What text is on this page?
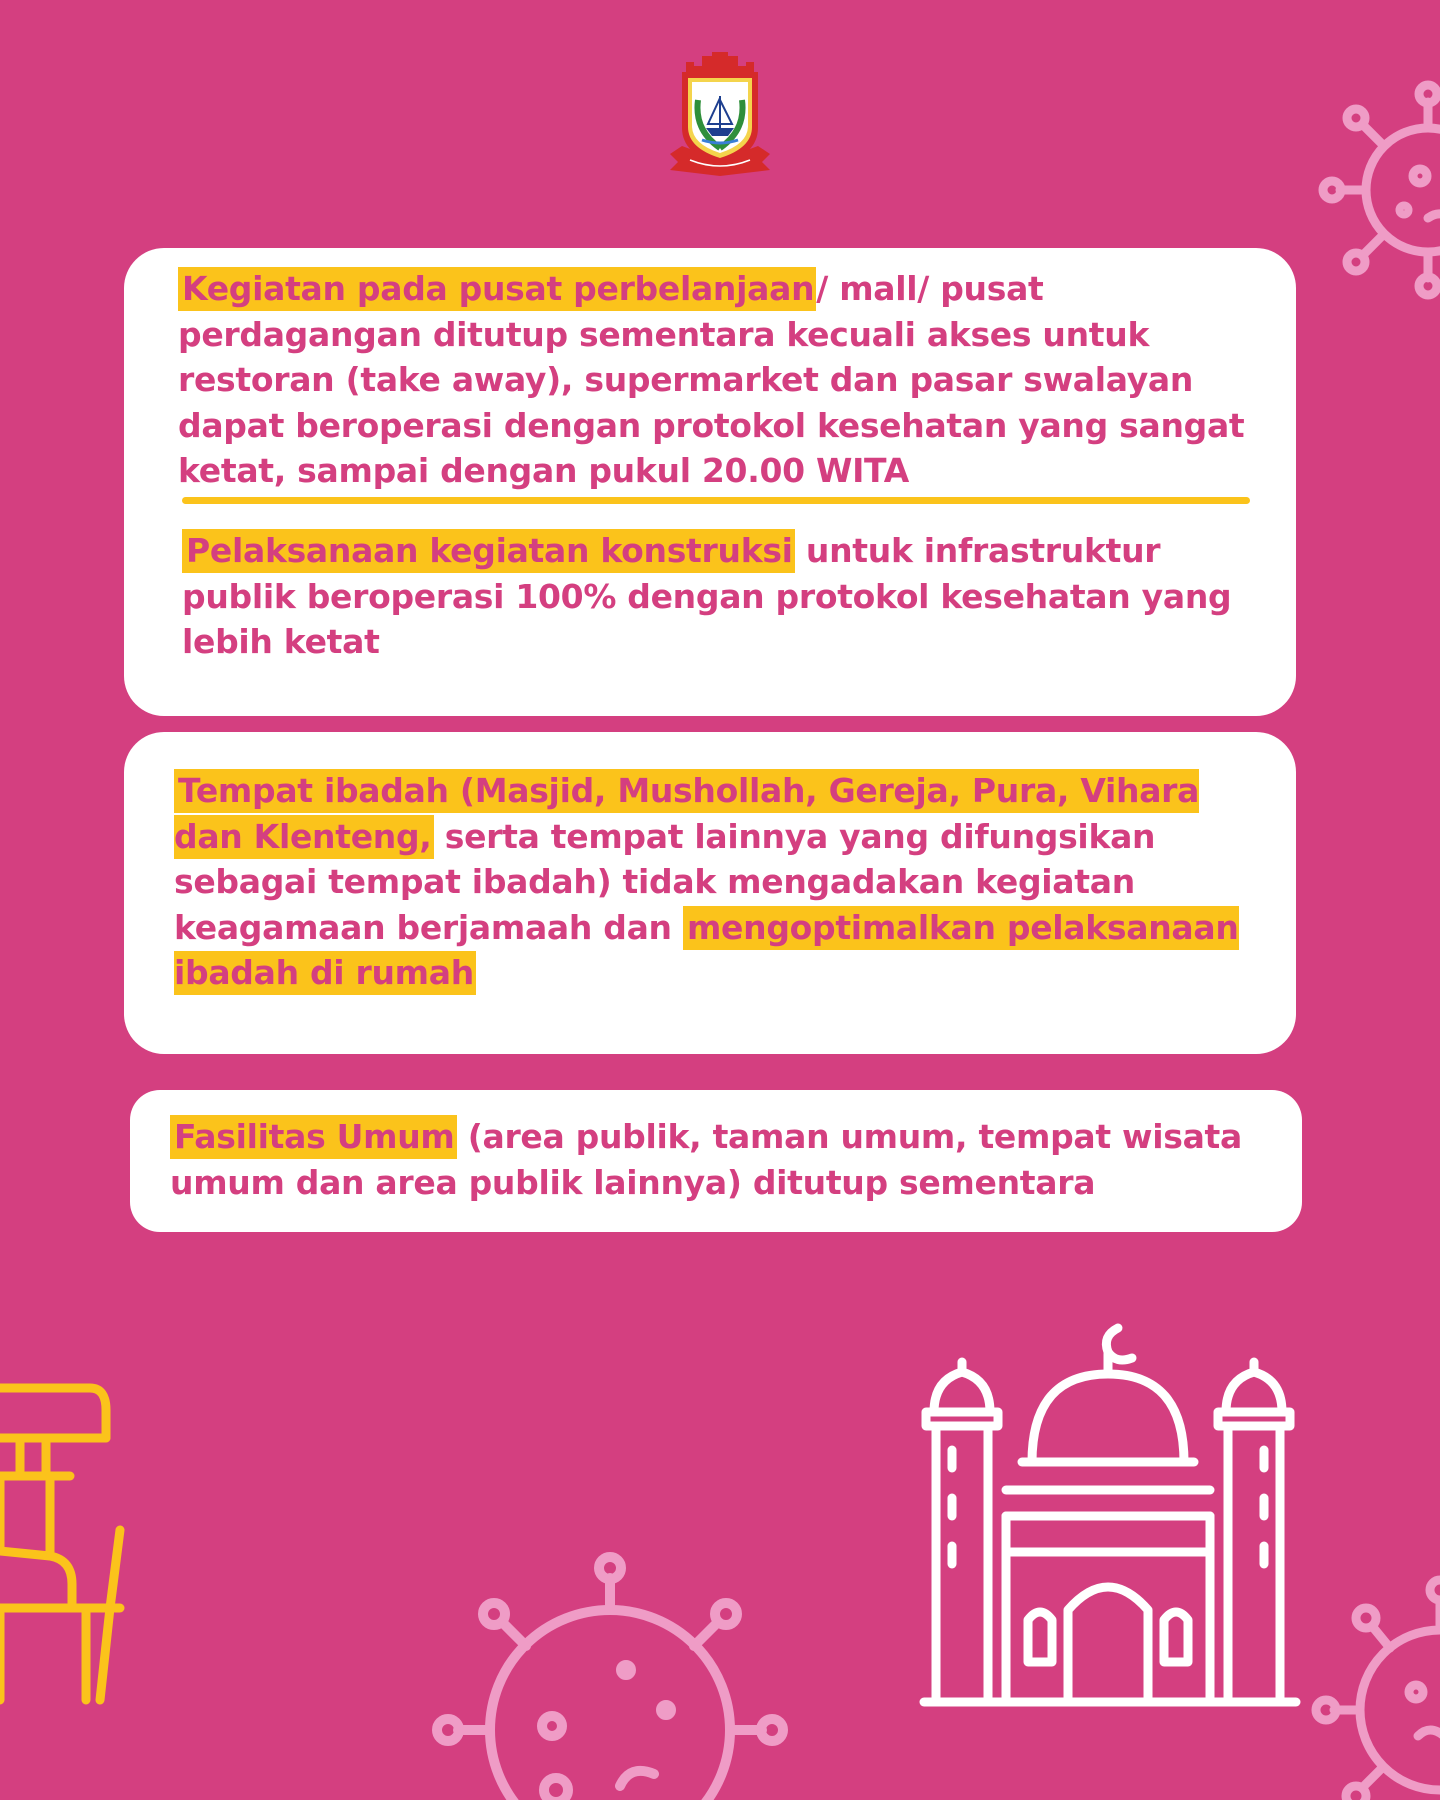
Kegiatan pada pusat perbelanjaan/ mall/ pusat perdagangan ditutup sementara kecuali akses untuk restoran (take away), supermarket dan pasar swalayan dapat beroperasi dengan protokol kesehatan yang sangat ketat, sampai dengan pukul 20.00 WITA

Pelaksanaan kegiatan konstruksi untuk infrastruktur publik beroperasi 100% dengan protokol kesehatan yang lebih ketat

Tempat ibadah (Masjid, Mushollah, Gereja, Pura, Vihara dan Klenteng, serta tempat lainnya yang difungsikan sebagai tempat ibadah) tidak mengadakan kegiatan keagamaan berjamaah dan mengoptimalkan pelaksanaan ibadah di rumah

Fasilitas Umum (area publik, taman umum, tempat wisata umum dan area publik lainnya) ditutup sementara
